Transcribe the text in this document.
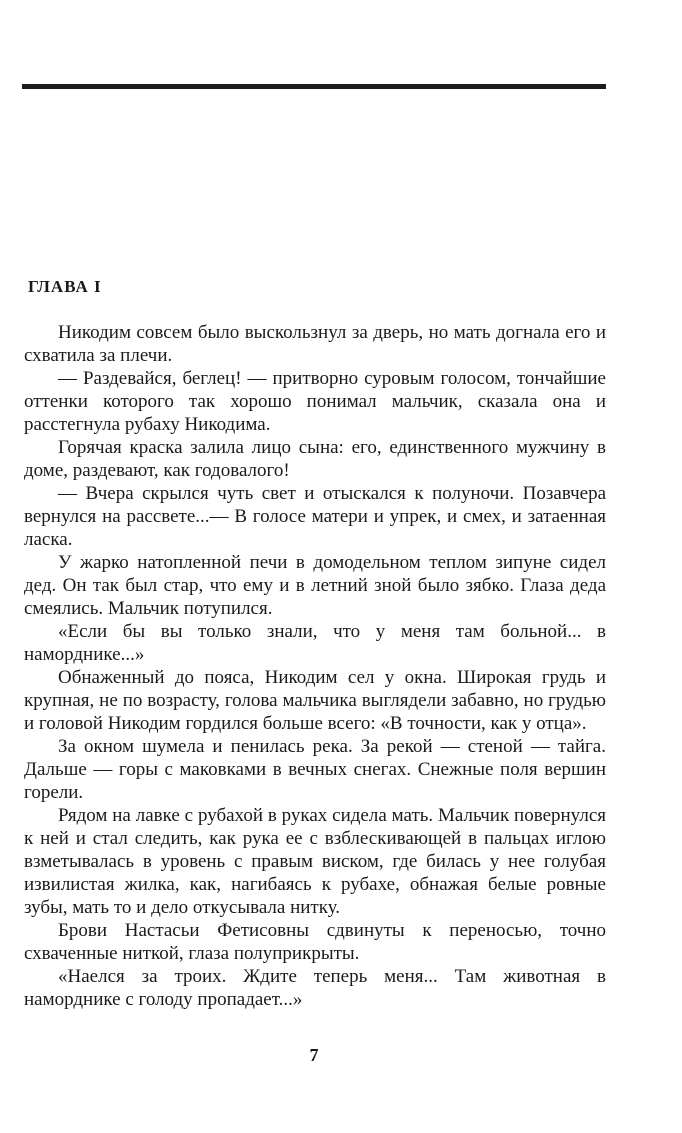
ГЛАВА I

Никодим совсем было выскользнул за дверь, но мать догнала его и схватила за плечи.

— Раздевайся, беглец! — притворно суровым голосом, тончайшие оттенки которого так хорошо понимал мальчик, сказала она и расстегнула рубаху Никодима.

Горячая краска залила лицо сына: его, единственного мужчину в доме, раздевают, как годовалого!

— Вчера скрылся чуть свет и отыскался к полуночи. Позавчера вернулся на рассвете...— В голосе матери и упрек, и смех, и затаенная ласка.

У жарко натопленной печи в домодельном теплом зипуне сидел дед. Он так был стар, что ему и в летний зной было зябко. Глаза деда смеялись. Мальчик потупился.

«Если бы вы только знали, что у меня там больной... в наморднике...»

Обнаженный до пояса, Никодим сел у окна. Широкая грудь и крупная, не по возрасту, голова мальчика выглядели забавно, но грудью и головой Никодим гордился больше всего: «В точности, как у отца».

За окном шумела и пенилась река. За рекой — стеной — тайга. Дальше — горы с маковками в вечных снегах. Снежные поля вершин горели.

Рядом на лавке с рубахой в руках сидела мать. Мальчик повернулся к ней и стал следить, как рука ее с взблескивающей в пальцах иглою взметывалась в уровень с правым виском, где билась у нее голубая извилистая жилка, как, нагибаясь к рубахе, обнажая белые ровные зубы, мать то и дело откусывала нитку.

Брови Настасьи Фетисовны сдвинуты к переносью, точно схваченные ниткой, глаза полуприкрыты.

«Наелся за троих. Ждите теперь меня... Там животная в наморднике с голоду пропадает...»

7
